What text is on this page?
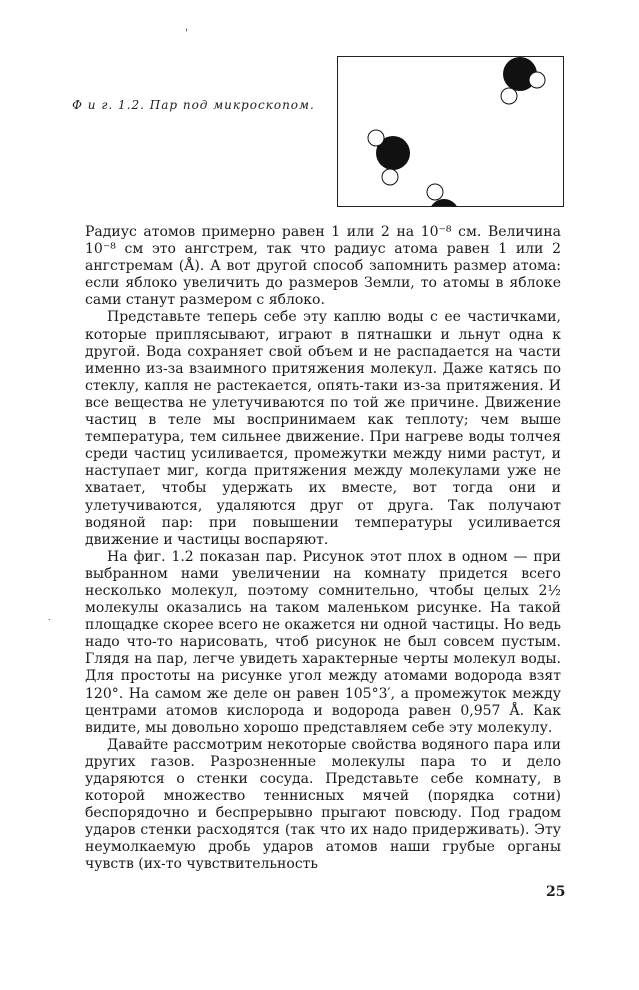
'
Ф и г. 1.2. Пар под микроскопом.

Радиус атомов примерно равен 1 или 2 на 10⁻⁸ см. Величина 10⁻⁸ см это ангстрем, так что радиус атома равен 1 или 2 ангстремам (Å). А вот другой способ запомнить размер атома: если яблоко увеличить до размеров Земли, то атомы в яблоке сами станут размером с яблоко.

Представьте теперь себе эту каплю воды с ее частичками, которые приплясывают, играют в пятнашки и льнут одна к другой. Вода сохраняет свой объем и не распадается на части именно из-за взаимного притяжения молекул. Даже катясь по стеклу, капля не растекается, опять-таки из-за притяжения. И все вещества не улетучиваются по той же причине. Движение частиц в теле мы воспринимаем как теплоту; чем выше температура, тем сильнее движение. При нагреве воды толчея среди частиц усиливается, промежутки между ними растут, и наступает миг, когда притяжения между молекулами уже не хватает, чтобы удержать их вместе, вот тогда они и улетучиваются, удаляются друг от друга. Так получают водяной пар: при повышении температуры усиливается движение и частицы воспаряют.

На фиг. 1.2 показан пар. Рисунок этот плох в одном — при выбранном нами увеличении на комнату придется всего несколько молекул, поэтому сомнительно, чтобы целых 2½ молекулы оказались на таком маленьком рисунке. На такой площадке скорее всего не окажется ни одной частицы. Но ведь надо что-то нарисовать, чтоб рисунок не был совсем пустым. Глядя на пар, легче увидеть характерные черты молекул воды. Для простоты на рисунке угол между атомами водорода взят 120°. На самом же деле он равен 105°3′, а промежуток между центрами атомов кислорода и водорода равен 0,957 Å. Как видите, мы довольно хорошо представляем себе эту молекулу.

Давайте рассмотрим некоторые свойства водяного пара или других газов. Разрозненные молекулы пара то и дело ударяются о стенки сосуда. Представьте себе комнату, в которой множество теннисных мячей (порядка сотни) беспорядочно и беспрерывно прыгают повсюду. Под градом ударов стенки расходятся (так что их надо придерживать). Эту неумолкаемую дробь ударов атомов наши грубые органы чувств (их-то чувствительность

.
25
